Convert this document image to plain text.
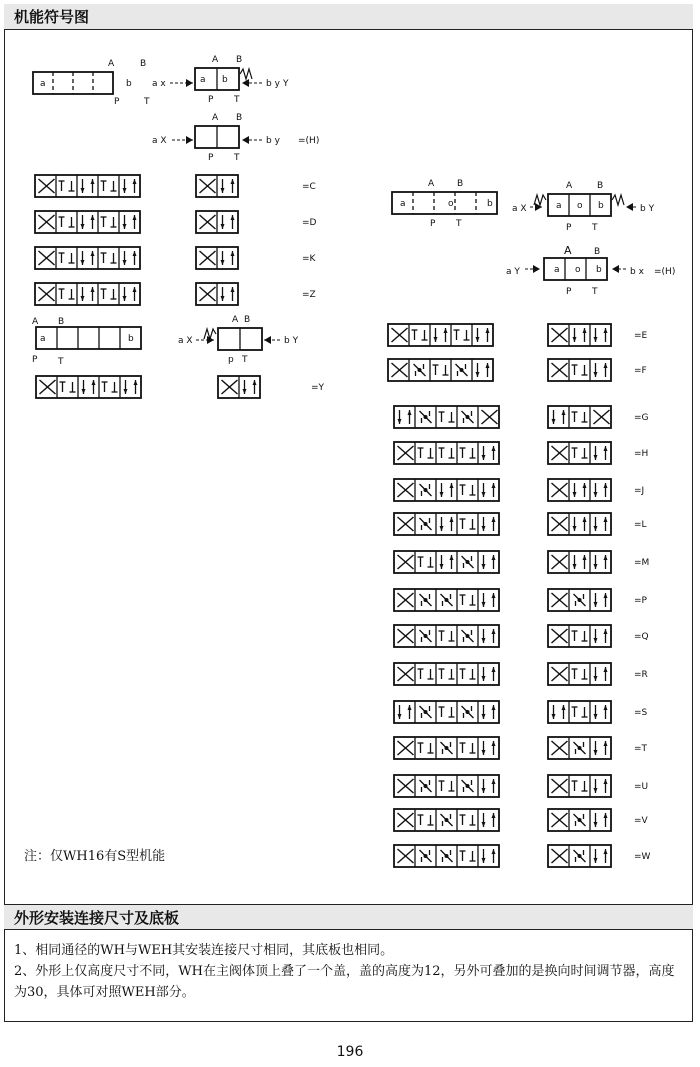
机能符号图
外形安装连接尺寸及底板
a	b
A	B
P	T
a b
A B
P T
a x	b y Y
A B
P T
a X	b y =(H)
=C
=D
=K
=Z
a	b
A B
P T
A B
p T
a X	b Y
=Y
a	o	b
A	B
P T
a o b
A	B
P T
a X	b Y
a o b
A B
P T
a Y	b x =(H)
=E
=F
=G
=H
=J
=L
=M
=P
=Q
=R
=S
=T
=U
=V
=W
注：仅WH16有S型机能

1、相同通径的WH与WEH其安装连接尺寸相同，其底板也相同。

2、外形上仅高度尺寸不同，WH在主阀体顶上叠了一个盖，盖的高度为12，另外可叠加的是换向时间调节器，高度为30，具体可对照WEH部分。

196
